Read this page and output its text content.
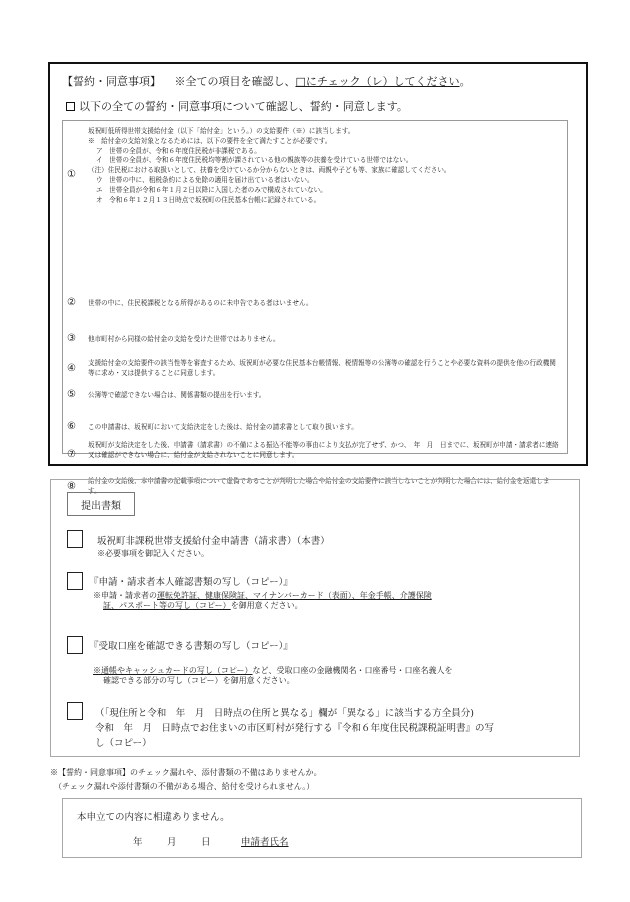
【誓約・同意事項】 ※全ての項目を確認し、□にチェック（レ）してください。
以下の全ての誓約・同意事項について確認し、誓約・同意します。
①

坂祝町低所得世帯支援給付金（以下「給付金」という。）の支給要件（※）に該当します。

※　給付金の支給対象となるためには、以下の要件を全て満たすことが必要です。

ア　世帯の全員が、令和６年度住民税が非課税である。

イ　世帯の全員が、令和６年度住民税均等割が課されている他の親族等の扶養を受けている世帯ではない。

（注）住民税における取扱いとして、扶養を受けているか分からないときは、両親や子ども等、家族に確認してください。

ウ　世帯の中に、租税条約による免除の適用を届け出ている者はいない。

エ　世帯全員が令和６年１月２日以降に入国した者のみで構成されていない。

オ　令和６年１２月１３日時点で坂祝町の住民基本台帳に記録されている。

② 世帯の中に、住民税課税となる所得があるのに未申告である者はいません。
③ 他市町村から同様の給付金の支給を受けた世帯ではありません。
④ 支援給付金の支給要件の該当性等を審査するため、坂祝町が必要な住民基本台帳情報、税情報等の公簿等の確認を行うことや必要な資料の提供を他の行政機関等に求め・又は提供することに同意します。
⑤ 公簿等で確認できない場合は、関係書類の提出を行います。
⑥ この申請書は、坂祝町において支給決定をした後は、給付金の請求書として取り扱います。
⑦
坂祝町が支給決定をした後、申請書（請求書）の不備による振込不能等の事由により支払が完了せず、かつ、　年　月　日までに、坂祝町が申請・請求者に連絡又は確認ができない場合に、給付金が支給されないことに同意します。
⑧ 給付金の支給後、本申請書の記載事項について虚偽であることが判明した場合や給付金の支給要件に該当しないことが判明した場合には、給付金を返還します。
提出書類
坂祝町非課税世帯支援給付金申請書（請求書）（本書）
※必要事項を御記入ください。
『申請・請求者本人確認書類の写し（コピー）』
※申請・請求者の運転免許証、健康保険証、マイナンバーカード（表面）、年金手帳、介護保険
証、パスポート等の写し（コピー）を御用意ください。
『受取口座を確認できる書類の写し（コピー）』
※通帳やキャッシュカードの写し（コピー）など、受取口座の金融機関名・口座番号・口座名義人を
確認できる部分の写し（コピー）を御用意ください。
（「現住所と令和　年　月　日時点の住所と異なる」欄が「異なる」に該当する方全員分)
令和　年　月　日時点でお住まいの市区町村が発行する『令和６年度住民税課税証明書』の写
し（コピー）
※【誓約・同意事項】のチェック漏れや、添付書類の不備はありませんか。
（チェック漏れや添付書類の不備がある場合、給付を受けられません。）
本申立ての内容に相違ありません。
年	月	日	申請者氏名
